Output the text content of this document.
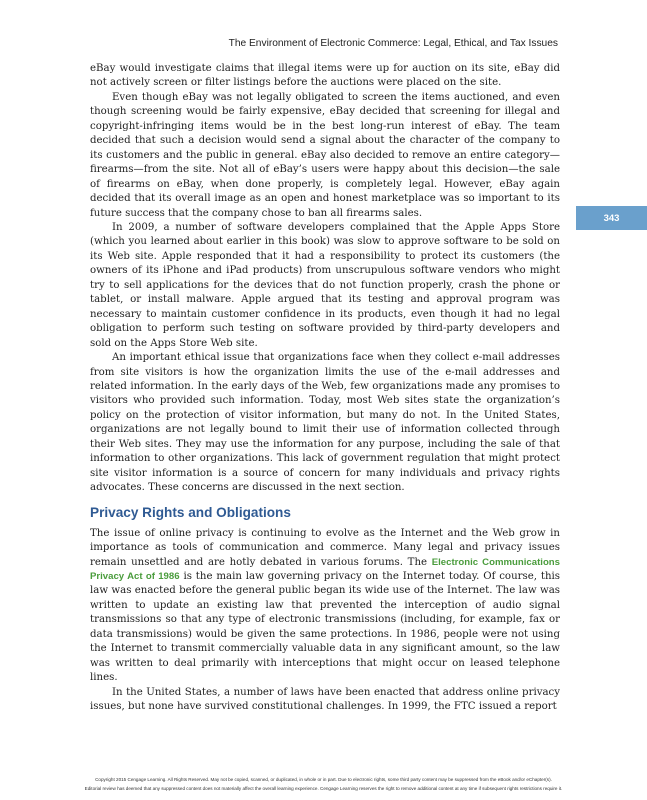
The Environment of Electronic Commerce: Legal, Ethical, and Tax Issues
343

eBay would investigate claims that illegal items were up for auction on its site, eBay did not actively screen or filter listings before the auctions were placed on the site.

Even though eBay was not legally obligated to screen the items auctioned, and even though screening would be fairly expensive, eBay decided that screening for illegal and copyright-infringing items would be in the best long-run interest of eBay. The team decided that such a decision would send a signal about the character of the company to its customers and the public in general. eBay also decided to remove an entire category—firearms—from the site. Not all of eBay’s users were happy about this decision—the sale of firearms on eBay, when done properly, is completely legal. However, eBay again decided that its overall image as an open and honest marketplace was so important to its future success that the company chose to ban all firearms sales.

In 2009, a number of software developers complained that the Apple Apps Store (which you learned about earlier in this book) was slow to approve software to be sold on its Web site. Apple responded that it had a responsibility to protect its customers (the owners of its iPhone and iPad products) from unscrupulous software vendors who might try to sell applications for the devices that do not function properly, crash the phone or tablet, or install malware. Apple argued that its testing and approval program was necessary to maintain customer confidence in its products, even though it had no legal obligation to perform such testing on software provided by third-party developers and sold on the Apps Store Web site.

An important ethical issue that organizations face when they collect e-mail addresses from site visitors is how the organization limits the use of the e-mail addresses and related information. In the early days of the Web, few organizations made any promises to visitors who provided such information. Today, most Web sites state the organization’s policy on the protection of visitor information, but many do not. In the United States, organizations are not legally bound to limit their use of information collected through their Web sites. They may use the information for any purpose, including the sale of that information to other organizations. This lack of government regulation that might protect site visitor information is a source of concern for many individuals and privacy rights advocates. These concerns are discussed in the next section.

Privacy Rights and Obligations

The issue of online privacy is continuing to evolve as the Internet and the Web grow in importance as tools of communication and commerce. Many legal and privacy issues remain unsettled and are hotly debated in various forums. The Electronic Communications Privacy Act of 1986 is the main law governing privacy on the Internet today. Of course, this law was enacted before the general public began its wide use of the Internet. The law was written to update an existing law that prevented the interception of audio signal transmissions so that any type of electronic transmissions (including, for example, fax or data transmissions) would be given the same protections. In 1986, people were not using the Internet to transmit commercially valuable data in any significant amount, so the law was written to deal primarily with interceptions that might occur on leased telephone lines.

In the United States, a number of laws have been enacted that address online privacy issues, but none have survived constitutional challenges. In 1999, the FTC issued a report

Copyright 2015 Cengage Learning. All Rights Reserved. May not be copied, scanned, or duplicated, in whole or in part. Due to electronic rights, some third party content may be suppressed from the eBook and/or eChapter(s).
Editorial review has deemed that any suppressed content does not materially affect the overall learning experience. Cengage Learning reserves the right to remove additional content at any time if subsequent rights restrictions require it.
